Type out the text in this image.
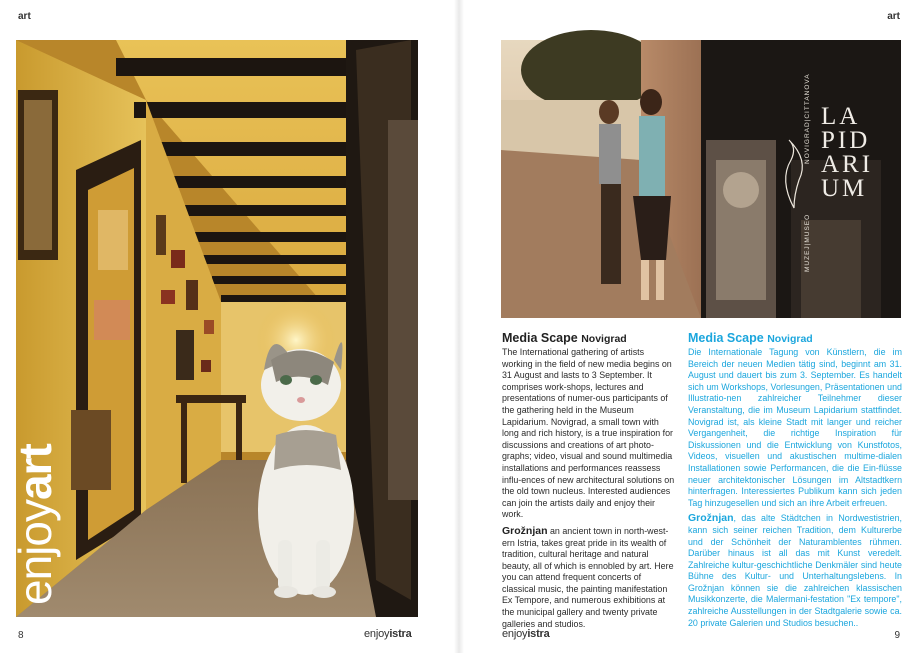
art	art
enjoyart
8	enjoyistra
LA
PID
ARI
UM
NOVIGRAD|CITTANOVA
MUZEJ|MUSEO

Media Scape Novigrad

The International gathering of artists working in the field of new media begins on 31 August and lasts to 3 September. It comprises work-shops, lectures and presentations of numer-ous participants of the gathering held in the Museum Lapidarium. Novigrad, a small town with long and rich history, is a true inspiration for discussions and creations of art photo-graphs; video, visual and sound multimedia installations and performances reassess influ-ences of new architectural solutions on the old town nucleus. Interested audiences can join the artists daily and enjoy their work.

Grožnjan an ancient town in north-west-ern Istria, takes great pride in its wealth of tradition, cultural heritage and natural beauty, all of which is ennobled by art. Here you can attend frequent concerts of classical music, the painting manifestation Ex Tempore, and numerous exhibitions at the municipal gallery and twenty private galleries and studios.

Media Scape Novigrad

Die Internationale Tagung von Künstlern, die im Bereich der neuen Medien tätig sind, beginnt am 31. August und dauert bis zum 3. September. Es handelt sich um Workshops, Vorlesungen, Präsentationen und Illustratio-nen zahlreicher Teilnehmer dieser Veranstaltung, die im Museum Lapidarium stattfindet. Novigrad ist, als kleine Stadt mit langer und reicher Vergangenheit, die richtige Inspiration für Diskussionen und die Entwicklung von Kunstfotos, Videos, visuellen und akustischen multime-dialen Installationen sowie Performancen, die die Ein-flüsse neuer architektonischer Lösungen im Altstadtkern hinterfragen. Interessiertes Publikum kann sich jeden Tag hinzugesellen und sich an ihre Arbeit erfreuen.

Grožnjan, das alte Städtchen in Nordwestistrien, kann sich seiner reichen Tradition, dem Kulturerbe und der Schönheit der Naturamblentes rühmen. Darüber hinaus ist all das mit Kunst veredelt. Zahlreiche kultur-geschichtliche Denkmäler sind heute Bühne des Kultur- und Unterhaltungslebens. In Grožnjan können sie die zahlreichen klassischen Musikkonzerte, die Malermani-festation "Ex tempore", zahlreiche Ausstellungen in der Stadtgalerie sowie ca. 20 private Galerien und Studios besuchen..

enjoyistra	9
